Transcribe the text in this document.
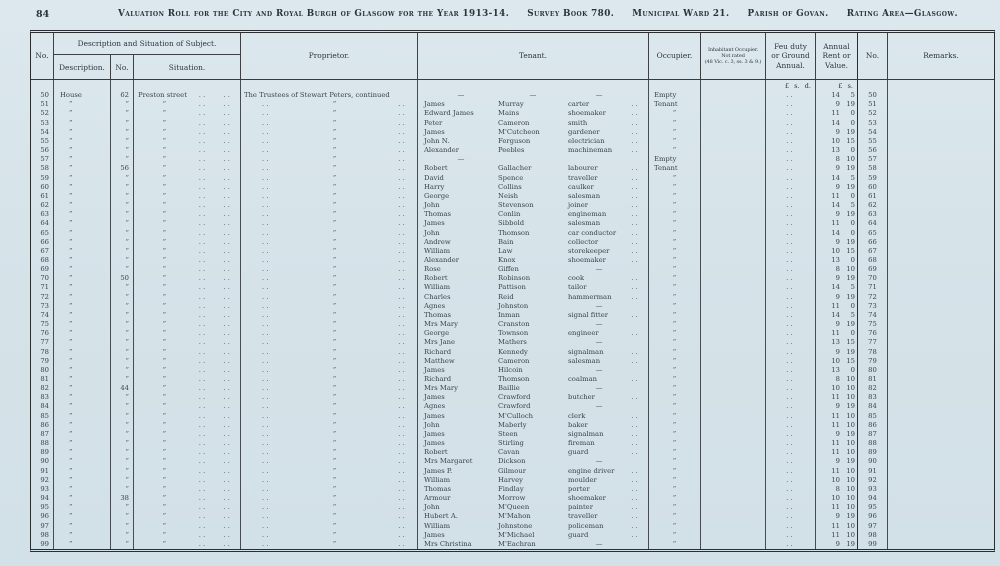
84	Valuation Roll for the City and Royal Burgh of Glasgow for the Year 1913-14. Survey Book 780. Municipal Ward 21. Parish of Govan. Rating Area—Glasgow.
No.
Description and Situation of Subject.
Description.	No.	Situation.
Proprietor.	Tenant.	Occupier.
Inhabitant Occupier.
Not rated
(48 Vic. c. 3, ss. 3 & 9.)
Feu duty or Ground Annual.
Annual Rent or Value.
No.	Remarks.
£ s. d.	£ s.
50	House	62	Preston street	..	..	The Trustees of Stewart Peters, continued	—	—	—	Empty	..	14	5	50
51	”	”	”	..	..	..	”	..	James	Murray	carter	..	Tenant	..	9 19	51
52	”	”	”	..	..	..	”	..	Edward James	Mains	shoemaker	..	”	..	11	0	52
53	”	”	”	..	..	..	”	..	Peter	Cameron	smith	..	”	..	14	0	53
54	”	”	”	..	..	..	”	..	James	M'Cutcheon	gardener	..	”	..	9 19	54
55	”	”	”	..	..	..	”	..	John N.	Ferguson	electrician	..	”	..	10 15	55
56	”	”	”	..	..	..	”	..	Alexander	Peebles	machineman	..	”	..	13	0	56
57	”	”	”	..	..	..	”	..	—	Empty	..	8 10	57
58	”	56	”	..	..	..	”	..	Robert	Gallacher	labourer	..	Tenant	..	9 19	58
59	”	”	”	..	..	..	”	..	David	Spence	traveller	..	”	..	14	5	59
60	”	”	”	..	..	..	”	..	Harry	Collins	caulker	..	”	..	9 19	60
61	”	”	”	..	..	..	”	..	George	Neish	salesman	..	”	..	11	0	61
62	”	”	”	..	..	..	”	..	John	Stevenson	joiner	..	”	..	14	5	62
63	”	”	”	..	..	..	”	..	Thomas	Conlin	engineman	..	”	..	9 19	63
64	”	”	”	..	..	..	”	..	James	Sibbold	salesman	..	”	..	11	0	64
65	”	”	”	..	..	..	”	..	John	Thomson	car conductor	..	”	..	14	0	65
66	”	”	”	..	..	..	”	..	Andrew	Bain	collector	..	”	..	9 19	66
67	”	”	”	..	..	..	”	..	William	Law	storekeeper	..	”	..	10 15	67
68	”	”	”	..	..	..	”	..	Alexander	Knox	shoemaker	..	”	..	13	0	68
69	”	”	”	..	..	..	”	..	Rose	Giffen	—	”	..	8 10	69
70	”	50	”	..	..	..	”	..	Robert	Robinson	cook	..	”	..	9 19	70
71	”	”	”	..	..	..	”	..	William	Pattison	tailor	..	”	..	14	5	71
72	”	”	”	..	..	..	”	..	Charles	Reid	hammerman	..	”	..	9 19	72
73	”	”	”	..	..	..	”	..	Agnes	Johnston	—	”	..	11	0	73
74	”	”	”	..	..	..	”	..	Thomas	Inman	signal fitter	..	”	..	14	5	74
75	”	”	”	..	..	..	”	..	Mrs Mary	Cranston	—	”	..	9 19	75
76	”	”	”	..	..	..	”	..	George	Townson	engineer	..	”	..	11	0	76
77	”	”	”	..	..	..	”	..	Mrs Jane	Mathers	—	”	..	13 15	77
78	”	”	”	..	..	..	”	..	Richard	Kennedy	signalman	..	”	..	9 19	78
79	”	”	”	..	..	..	”	..	Matthew	Cameron	salesman	..	”	..	10 15	79
80	”	”	”	..	..	..	”	..	James	Hilcoin	—	”	..	13	0	80
81	”	”	”	..	..	..	”	..	Richard	Thomson	coalman	..	”	..	8 10	81
82	”	44	”	..	..	..	”	..	Mrs Mary	Baillie	—	”	..	10 10	82
83	”	”	”	..	..	..	”	..	James	Crawford	butcher	..	”	..	11 10	83
84	”	”	”	..	..	..	”	..	Agnes	Crawford	—	”	..	9 19	84
85	”	”	”	..	..	..	”	..	James	M'Culloch	clerk	..	”	..	11 10	85
86	”	”	”	..	..	..	”	..	John	Maberly	baker	..	”	..	11 10	86
87	”	”	”	..	..	..	”	..	James	Steen	signalman	..	”	..	9 19	87
88	”	”	”	..	..	..	”	..	James	Stirling	fireman	..	”	..	11 10	88
89	”	”	”	..	..	..	”	..	Robert	Cavan	guard	..	”	..	11 10	89
90	”	”	”	..	..	..	”	..	Mrs Margaret	Dickson	—	”	..	9 19	90
91	”	”	”	..	..	..	”	..	James P.	Gilmour	engine driver	..	”	..	11 10	91
92	”	”	”	..	..	..	”	..	William	Harvey	moulder	..	”	..	10 10	92
93	”	”	”	..	..	..	”	..	Thomas	Findlay	porter	..	”	..	8 10	93
94	”	38	”	..	..	..	”	..	Armour	Morrow	shoemaker	..	”	..	10 10	94
95	”	”	”	..	..	..	”	..	John	M'Queen	painter	..	”	..	11 10	95
96	”	”	”	..	..	..	”	..	Hubert A.	M'Mahon	traveller	..	”	..	9 19	96
97	”	”	”	..	..	..	”	..	William	Johnstone	policeman	..	”	..	11 10	97
98	”	”	”	..	..	..	”	..	James	M'Michael	guard	..	”	..	11 10	98
99	”	”	”	..	..	..	”	..	Mrs Christina	M'Eachran	—	”	..	9 19	99
